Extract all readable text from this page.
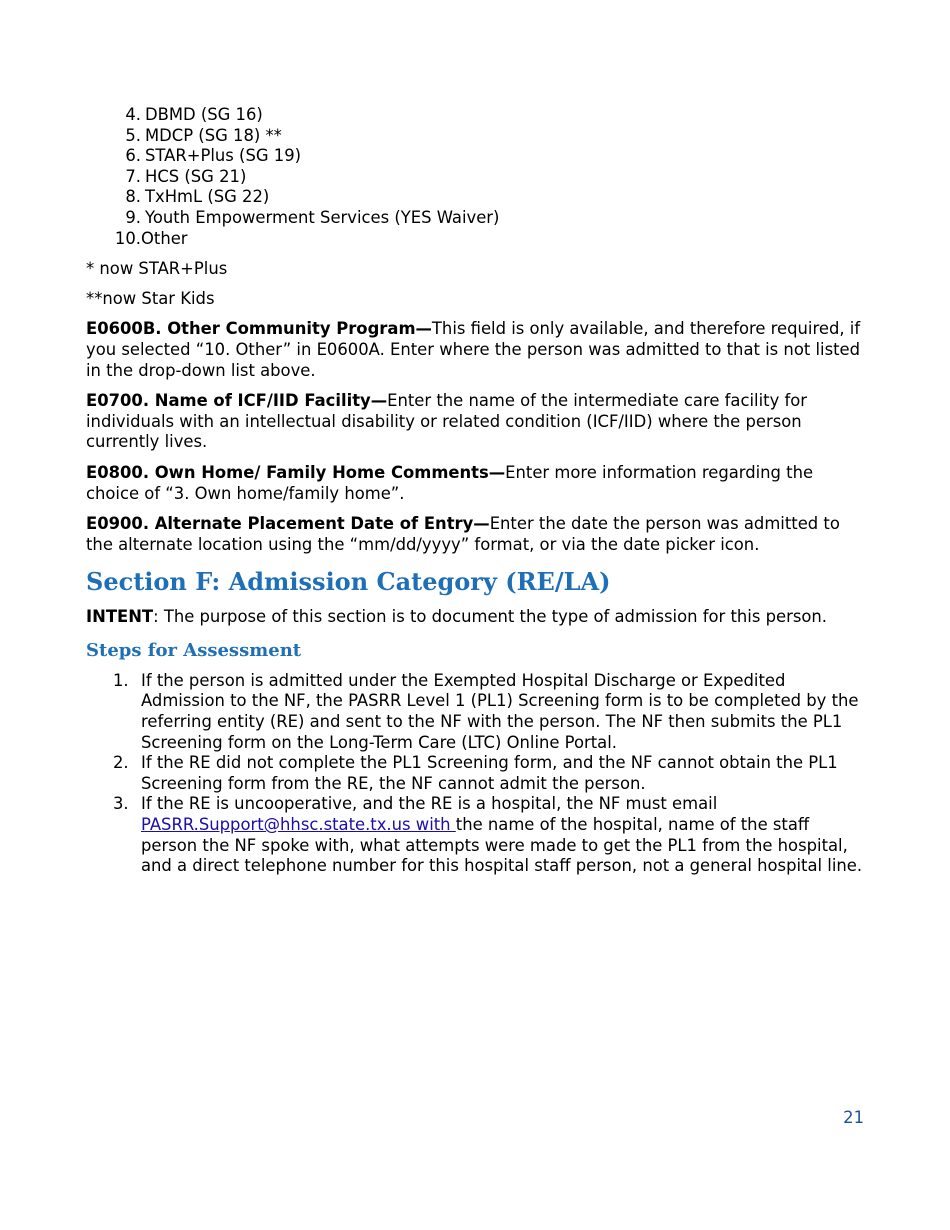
4. DBMD (SG 16)
5. MDCP (SG 18) **
6. STAR+Plus (SG 19)
7. HCS (SG 21)
8. TxHmL (SG 22)
9. Youth Empowerment Services (YES Waiver)
10. Other

* now STAR+Plus

**now Star Kids

E0600B. Other Community Program—This field is only available, and therefore required, if you selected “10. Other” in E0600A. Enter where the person was admitted to that is not listed in the drop-down list above.

E0700. Name of ICF/IID Facility—Enter the name of the intermediate care facility for individuals with an intellectual disability or related condition (ICF/IID) where the person currently lives.

E0800. Own Home/ Family Home Comments—Enter more information regarding the choice of “3. Own home/family home”.

E0900. Alternate Placement Date of Entry—Enter the date the person was admitted to the alternate location using the “mm/dd/yyyy” format, or via the date picker icon.

Section F: Admission Category (RE/LA)

INTENT: The purpose of this section is to document the type of admission for this person.

Steps for Assessment
1. If the person is admitted under the Exempted Hospital Discharge or Expedited Admission to the NF, the PASRR Level 1 (PL1) Screening form is to be completed by the referring entity (RE) and sent to the NF with the person. The NF then submits the PL1 Screening form on the Long-Term Care (LTC) Online Portal.
2. If the RE did not complete the PL1 Screening form, and the NF cannot obtain the PL1 Screening form from the RE, the NF cannot admit the person.
3. If the RE is uncooperative, and the RE is a hospital, the NF must email PASRR.Support@hhsc.state.tx.us with the name of the hospital, name of the staff person the NF spoke with, what attempts were made to get the PL1 from the hospital, and a direct telephone number for this hospital staff person, not a general hospital line.
21
